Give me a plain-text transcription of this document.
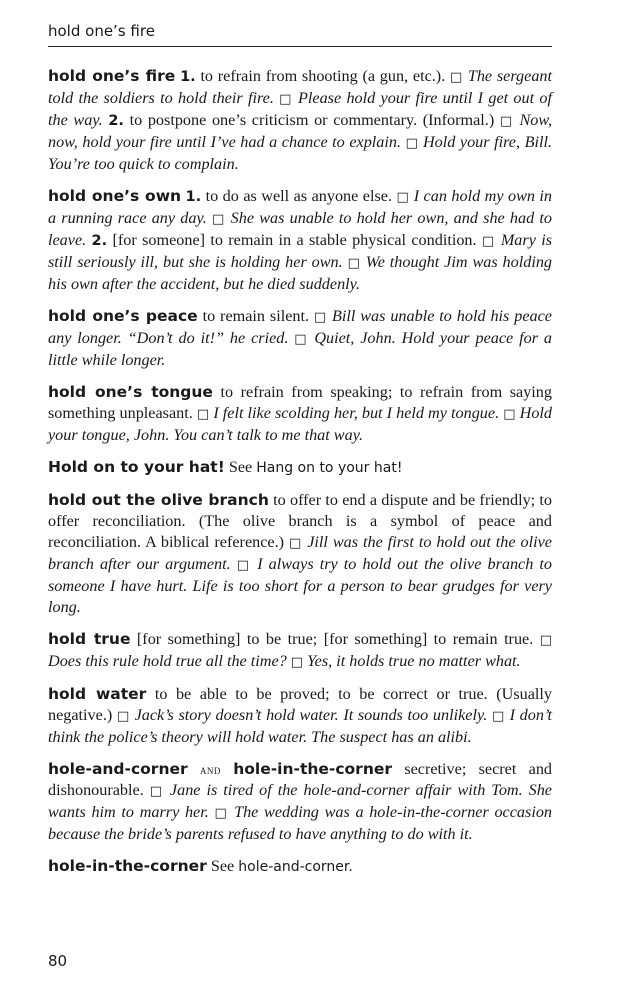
hold one’s fire

hold one’s fire 1. to refrain from shooting (a gun, etc.). □ The sergeant told the soldiers to hold their fire. □ Please hold your fire until I get out of the way. 2. to postpone one’s criticism or commentary. (Informal.) □ Now, now, hold your fire until I’ve had a chance to explain. □ Hold your fire, Bill. You’re too quick to complain.

hold one’s own 1. to do as well as anyone else. □ I can hold my own in a running race any day. □ She was unable to hold her own, and she had to leave. 2. [for someone] to remain in a stable physical condition. □ Mary is still seriously ill, but she is holding her own. □ We thought Jim was holding his own after the accident, but he died suddenly.

hold one’s peace to remain silent. □ Bill was unable to hold his peace any longer. “Don’t do it!” he cried. □ Quiet, John. Hold your peace for a little while longer.

hold one’s tongue to refrain from speaking; to refrain from saying something unpleasant. □ I felt like scolding her, but I held my tongue. □ Hold your tongue, John. You can’t talk to me that way.

Hold on to your hat! See Hang on to your hat!

hold out the olive branch to offer to end a dispute and be friendly; to offer reconciliation. (The olive branch is a symbol of peace and reconciliation. A biblical reference.) □ Jill was the first to hold out the olive branch after our argument. □ I always try to hold out the olive branch to someone I have hurt. Life is too short for a person to bear grudges for very long.

hold true [for something] to be true; [for something] to remain true. □ Does this rule hold true all the time? □ Yes, it holds true no matter what.

hold water to be able to be proved; to be correct or true. (Usually negative.) □ Jack’s story doesn’t hold water. It sounds too unlikely. □ I don’t think the police’s theory will hold water. The suspect has an alibi.

hole-and-corner and hole-in-the-corner secretive; secret and dishonourable. □ Jane is tired of the hole-and-corner affair with Tom. She wants him to marry her. □ The wedding was a hole-in-the-corner occasion because the bride’s parents refused to have anything to do with it.

hole-in-the-corner See hole-and-corner.

80
